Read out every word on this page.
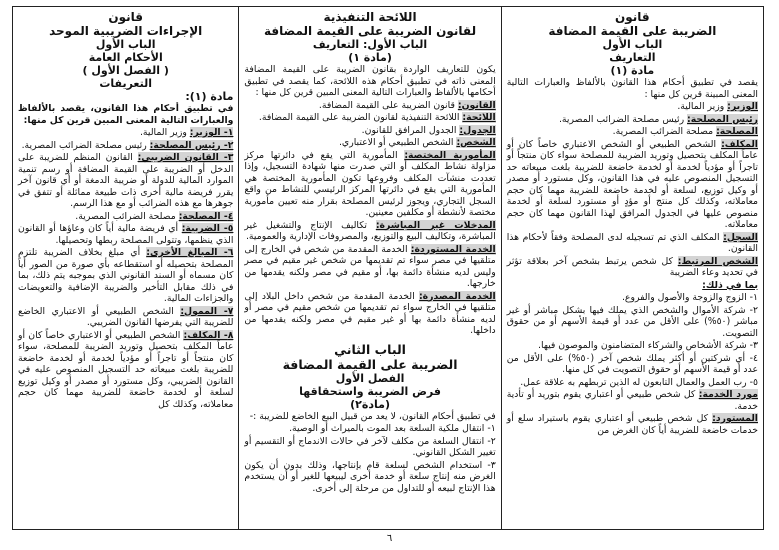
قانون
الضريبة على القيمة المضافة
الباب الأول
التعاريف
مادة (١)

يقصد في تطبيق أحكام هذا القانون بالألفاظ والعبارات التالية المعنى المبينة قرين كل منها :

الوزير: وزير المالية.

رئيس المصلحة: رئيس مصلحة الضرائب المصرية.

المصلحة: مصلحة الضرائب المصرية.

المكلف: الشخص الطبيعي أو الشخص الاعتباري خاصاً كان أو عاماً المكلف بتحصيل وتوريد الضريبة للمصلحة سواء كان منتجاً أو تاجراً أو مؤدياً لخدمة أو لخدمة خاضعة للضريبة بلغت مبيعاته حد التسجيل المنصوص عليه في هذا القانون، وكل مستورد أو مصدر أو وكيل توزيع، لسلعة أو لخدمة خاضعة للضريبة مهما كان حجم معاملاته، وكذلك كل منتج أو مؤدٍ أو مستورد لسلعة أو لخدمة منصوص عليها في الجدول المرافق لهذا القانون مهما كان حجم معاملاته.

السجل: المكلف الذي تم تسجيله لدى المصلحة وفقاً لأحكام هذا القانون.

الشخص المرتبط: كل شخص يرتبط بشخص آخر بعلاقة تؤثر في تحديد وعاء الضريبة

بما في ذلك:

١- الزوج والزوجة والأصول والفروع.

٢- شركة الأموال والشخص الذي يملك فيها بشكل مباشر أو غير مباشر (٥٠%) على الأقل من عدد أو قيمة الأسهم أو من حقوق التصويت.

٣- شركة الأشخاص والشركاء المتضامنون والموصون فيها.

٤- أي شركتين أو أكثر يملك شخص آخر (٥٠%) على الأقل من عدد أو قيمة الأسهم أو حقوق التصويت في كل منها.

٥- رب العمل والعمال التابعون له الذين تربطهم به علاقة عمل.

مورد الخدمة: كل شخص طبيعي أو اعتباري يقوم بتوريد أو تأدية خدمة.

المستورد: كل شخص طبيعي أو اعتباري يقوم باستيراد سلع أو خدمات خاضعة للضريبة أياً كان الغرض من

اللائحة التنفيذية
لقانون الضريبة على القيمة المضافة
الباب الأول: التعاريف
(مادة ١)

يكون للتعاريف الواردة بقانون الضريبة على القيمة المضافة المعنى ذاته في تطبيق أحكام هذه اللائحة، كما يقصد في تطبيق أحكامها بالألفاظ والعبارات التالية المعنى المبين قرين كل منها :

القانون: قانون الضريبة على القيمة المضافة.

اللائحة: اللائحة التنفيذية لقانون الضريبة على القيمة المضافة.

الجدول: الجدول المرافق للقانون.

الشخص: الشخص الطبيعي أو الاعتباري.

المأمورية المختصة: المأمورية التي يقع في دائرتها مركز مزاولة نشاط المكلف أو التي صدرت منها شهادة التسجيل، وإذا تعددت منشآت المكلف وفروعها تكون المأمورية المختصة هي المأمورية التي يقع في دائرتها المركز الرئيسي للنشاط من واقع السجل التجاري، ويجوز لرئيس المصلحة بقرار منه تعيين مأمورية مختصة لأنشطة أو مكلفين معينين.

المدخلات غير المباشرة: تكاليف الإنتاج والتشغيل غير المباشرة، وتكاليف البيع والتوزيع، والمصروفات الإدارية والعمومية.

الخدمة المستوردة: الخدمة المقدمة من شخص في الخارج إلى متلقيها في مصر سواء تم تقديمها من شخص غير مقيم في مصر وليس لديه منشأة دائمة بها، أو مقيم في مصر ولكنه يقدمها من خارجها.

الخدمة المصدرة: الخدمة المقدمة من شخص داخل البلاد إلى متلقيها في الخارج سواء تم تقديمها من شخص مقيم في مصر أو لديه منشأة دائمة بها أو غير مقيم في مصر ولكنه يقدمها من داخلها.

الباب الثاني
الضريبة على القيمة المضافة
الفصل الأول
فرض الضريبة واستحقاقها
(مادة٢)

في تطبيق أحكام القانون، لا يعد من قبيل البيع الخاضع للضريبة :-

١- انتقال ملكية السلعة بعد الموت بالميراث أو الوصية.

٢- انتقال السلعة من مكلف لآخر في حالات الاندماج أو التقسيم أو تغيير الشكل القانوني.

٣- استخدام الشخص لسلعة قام بإنتاجها، وذلك بدون أن يكون الغرض منه إنتاج سلعة أو خدمة أخرى ليبيعها للغير أو أن يستخدم هذا الإنتاج لبيعه أو للتداول من مرحلة إلى أخرى.

قانون
الإجراءات الضريبية الموحد
الباب الأول
الأحكام العامة
( الفصل الأول )
التعريفات
مادة (١):

في تطبيق أحكام هذا القانون، يقصد بالألفاظ والعبارات التالية المعنى المبين قرين كل منها:

١- الوزير: وزير المالية.

٢- رئيس المصلحة: رئيس مصلحة الضرائب المصرية.

٣- القانون الضريبي: القانون المنظم للضريبة على الدخل أو الضريبة على القيمة المضافة أو رسم تنمية الموارد المالية للدولة أو ضريبة الدمغة أو أي قانون آخر يقرر فريضة مالية أخرى ذات طبيعة مماثلة أو تتفق في جوهرها مع هذه الضرائب أو مع هذا الرسم.

٤- المصلحة: مصلحة الضرائب المصرية.

٥- الضريبة: أي فريضة مالية أياً كان وعاؤها أو القانون الذي ينظمها، وتتولى المصلحة ربطها وتحصيلها.

٦- المبالغ الأخرى: أي مبلغ بخلاف الضريبة تلتزم المصلحة بتحصيله أو استقطاعه بأي صورة من الصور أياً كان مسماه أو السند القانوني الذي بموجبه يتم ذلك، بما في ذلك مقابل التأخير والضريبة الإضافية والتعويضات والجزاءات المالية.

٧- الممول: الشخص الطبيعي أو الاعتباري الخاضع للضريبة التي يفرضها القانون الضريبي.

٨- المكلف: الشخص الطبيعي أو الاعتباري خاصاً كان أو عاماً المكلف بتحصيل وتوريد الضريبة للمصلحة، سواء كان منتجاً أو تاجراً أو مؤدياً لخدمة أو لخدمة خاضعة للضريبة بلغت مبيعاته حد التسجيل المنصوص عليه في القانون الضريبي، وكل مستورد أو مصدر أو وكيل توزيع لسلعة أو لخدمة خاضعة للضريبة مهما كان حجم معاملاته، وكذلك كل

٦
